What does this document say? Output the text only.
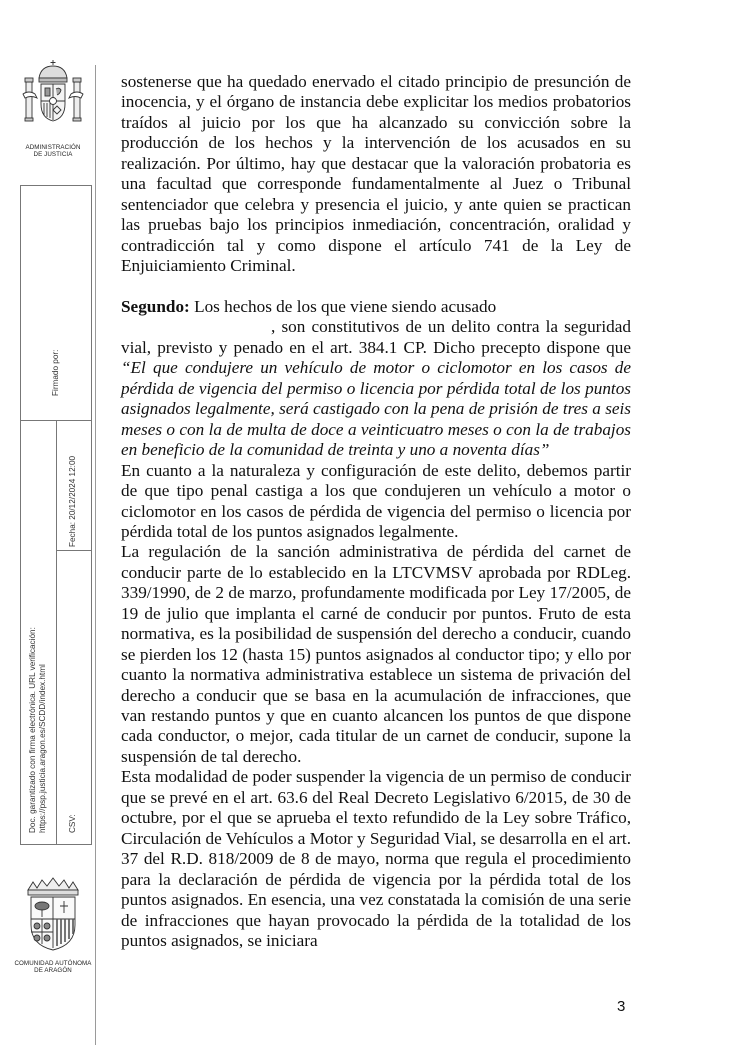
ADMINISTRACIÓN
DE JUSTICIA
Firmado por:
Fecha: 20/12/2024 12:00
Doc. garantizado con firma electrónica. URL verificación: https://psp.justicia.aragon.es/SCDD/index.html	CSV:
COMUNIDAD AUTÓNOMA
DE ARAGÓN

sostenerse que ha quedado enervado el citado principio de presunción de inocencia, y el órgano de instancia debe explicitar los medios probatorios traídos al juicio por los que ha alcanzado su convicción sobre la producción de los hechos y la intervención de los acusados en su realización. Por último, hay que destacar que la valoración probatoria es una facultad que corresponde fundamentalmente al Juez o Tribunal sentenciador que celebra y presencia el juicio, y ante quien se practican las pruebas bajo los principios inmediación, concentración, oralidad y contradicción tal y como dispone el artículo 741 de la Ley de Enjuiciamiento Criminal.

Segundo: Los hechos de los que viene siendo acusado
, son constitutivos de un delito contra la seguridad vial, previsto y penado en el art. 384.1 CP. Dicho precepto dispone que “El que condujere un vehículo de motor o ciclomotor en los casos de pérdida de vigencia del permiso o licencia por pérdida total de los puntos asignados legalmente, será castigado con la pena de prisión de tres a seis meses o con la de multa de doce a veinticuatro meses o con la de trabajos en beneficio de la comunidad de treinta y uno a noventa días”

En cuanto a la naturaleza y configuración de este delito, debemos partir de que tipo penal castiga a los que condujeren un vehículo a motor o ciclomotor en los casos de pérdida de vigencia del permiso o licencia por pérdida total de los puntos asignados legalmente.

La regulación de la sanción administrativa de pérdida del carnet de conducir parte de lo establecido en la LTCVMSV aprobada por RDLeg. 339/1990, de 2 de marzo, profundamente modificada por Ley 17/2005, de 19 de julio que implanta el carné de conducir por puntos. Fruto de esta normativa, es la posibilidad de suspensión del derecho a conducir, cuando se pierden los 12 (hasta 15) puntos asignados al conductor tipo; y ello por cuanto la normativa administrativa establece un sistema de privación del derecho a conducir que se basa en la acumulación de infracciones, que van restando puntos y que en cuanto alcancen los puntos de que dispone cada conductor, o mejor, cada titular de un carnet de conducir, supone la suspensión de tal derecho.

Esta modalidad de poder suspender la vigencia de un permiso de conducir que se prevé en el art. 63.6 del Real Decreto Legislativo 6/2015, de 30 de octubre, por el que se aprueba el texto refundido de la Ley sobre Tráfico, Circulación de Vehículos a Motor y Seguridad Vial, se desarrolla en el art. 37 del R.D. 818/2009 de 8 de mayo, norma que regula el procedimiento para la declaración de pérdida de vigencia por la pérdida total de los puntos asignados. En esencia, una vez constatada la comisión de una serie de infracciones que hayan provocado la pérdida de la totalidad de los puntos asignados, se iniciara

3
